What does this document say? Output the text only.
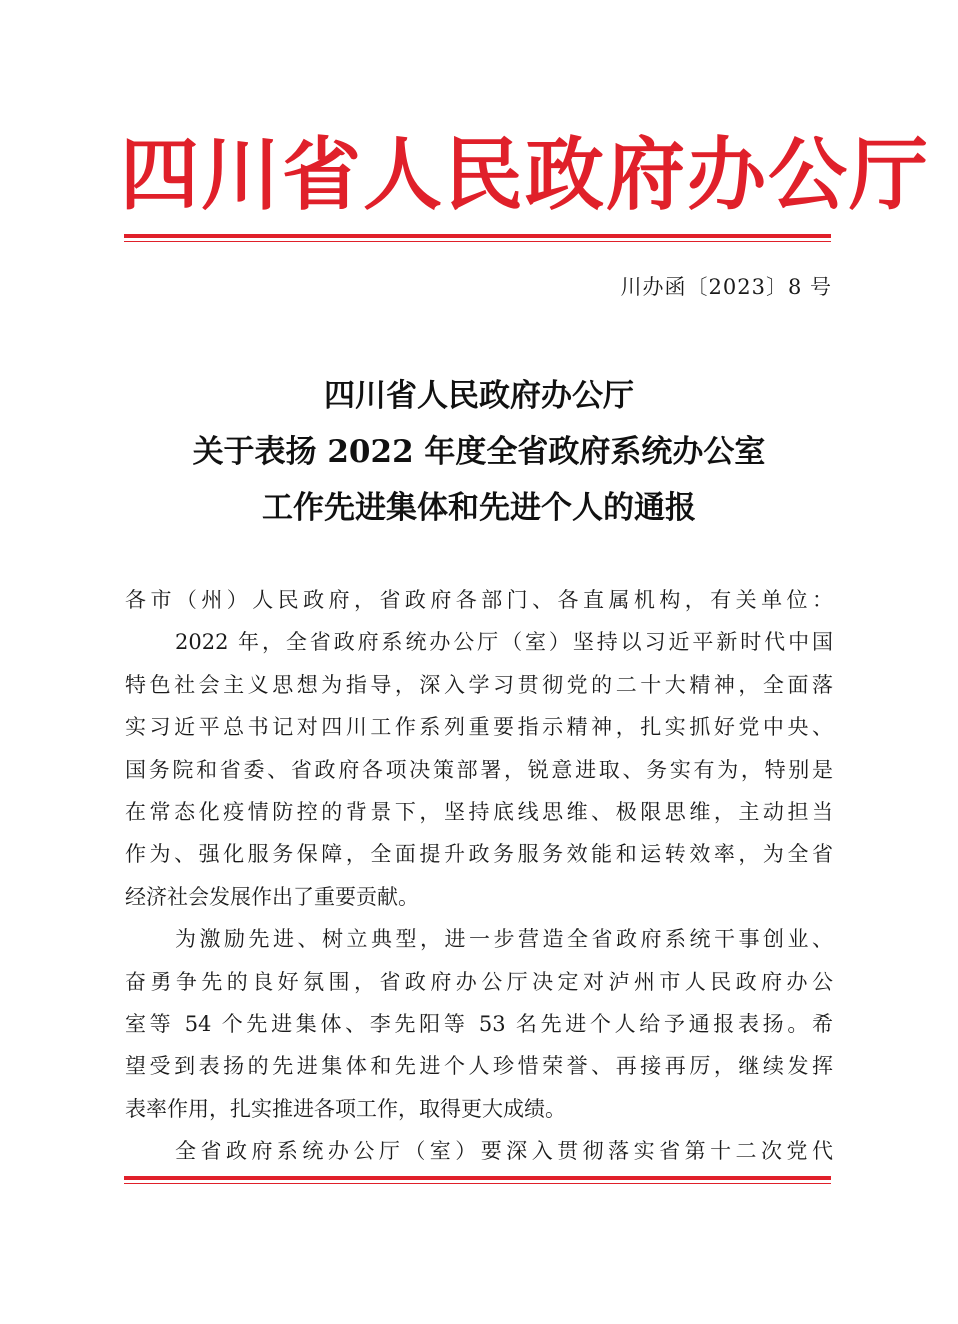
四川省人民政府办公厅
川办函〔2023〕8 号
四川省人民政府办公厅
关于表扬 2022 年度全省政府系统办公室
工作先进集体和先进个人的通报
各市（州）人民政府，省政府各部门、各直属机构，有关单位：
2022 年，全省政府系统办公厅（室）坚持以习近平新时代中国
特色社会主义思想为指导，深入学习贯彻党的二十大精神，全面落
实习近平总书记对四川工作系列重要指示精神，扎实抓好党中央、
国务院和省委、省政府各项决策部署，锐意进取、务实有为，特别是
在常态化疫情防控的背景下，坚持底线思维、极限思维，主动担当
作为、强化服务保障，全面提升政务服务效能和运转效率，为全省
经济社会发展作出了重要贡献。
为激励先进、树立典型，进一步营造全省政府系统干事创业、
奋勇争先的良好氛围，省政府办公厅决定对泸州市人民政府办公
室等 54 个先进集体、李先阳等 53 名先进个人给予通报表扬。希
望受到表扬的先进集体和先进个人珍惜荣誉、再接再厉，继续发挥
表率作用，扎实推进各项工作，取得更大成绩。
全省政府系统办公厅（室）要深入贯彻落实省第十二次党代
